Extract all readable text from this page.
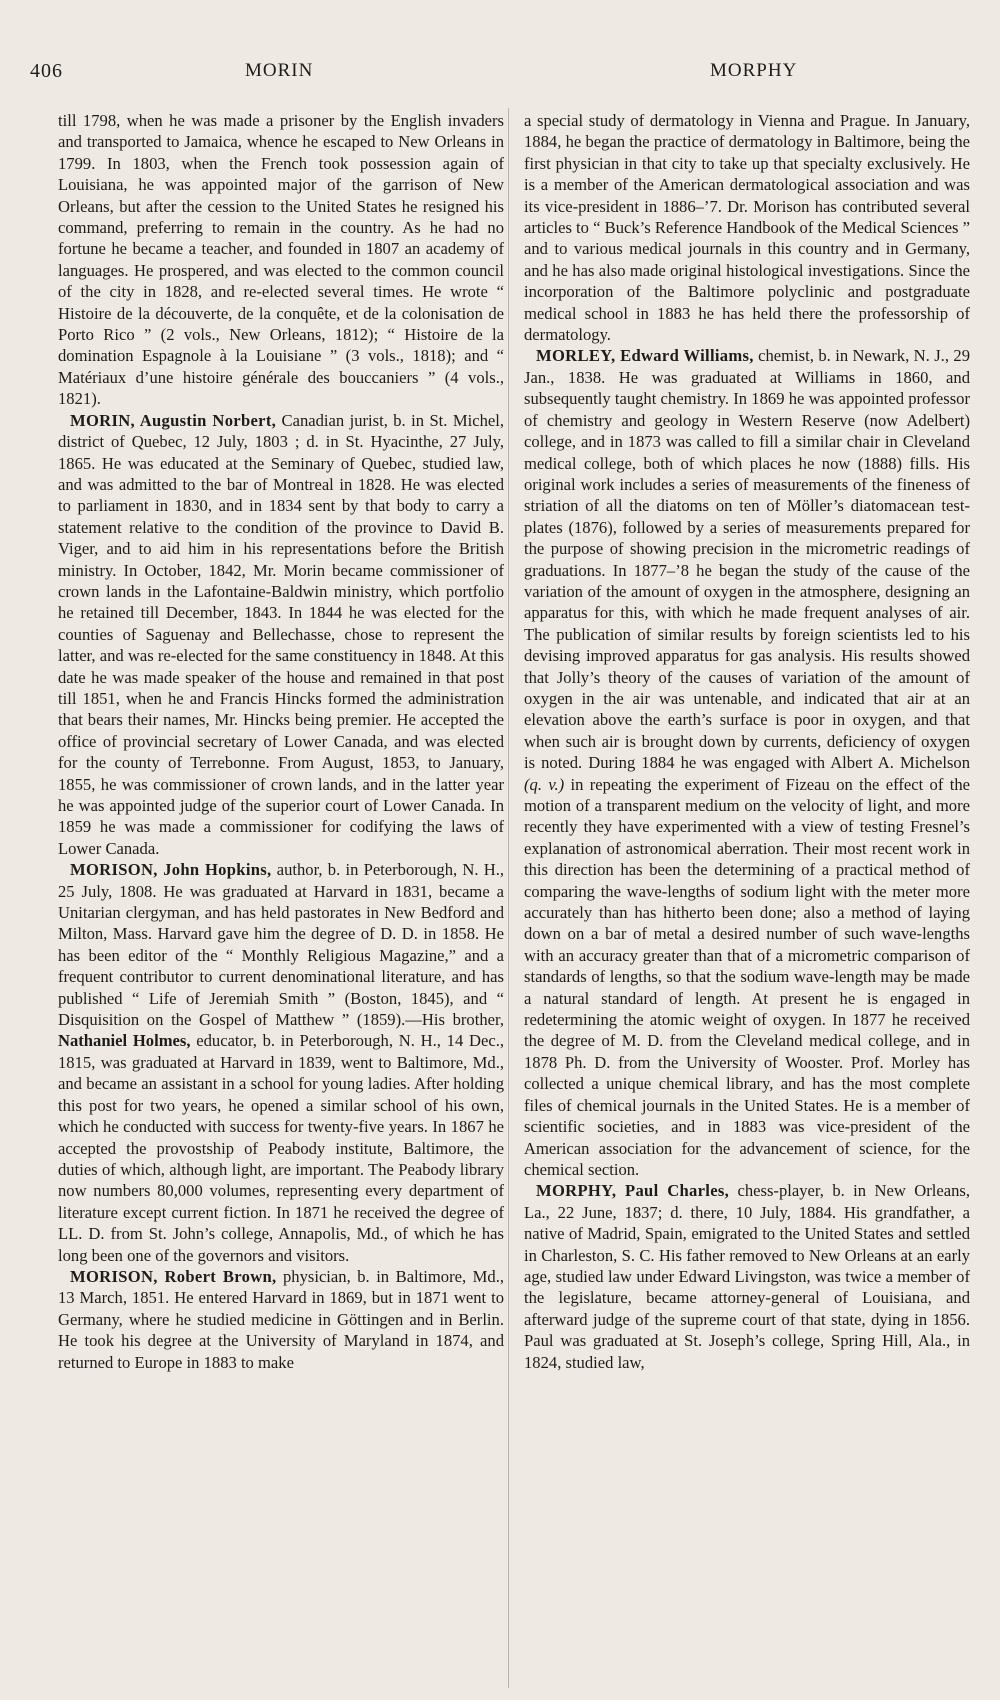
406	MORIN	MORPHY

till 1798, when he was made a prisoner by the English invaders and transported to Jamaica, whence he escaped to New Orleans in 1799. In 1803, when the French took possession again of Louisiana, he was appointed major of the garrison of New Orleans, but after the cession to the United States he resigned his command, preferring to remain in the country. As he had no fortune he became a teacher, and founded in 1807 an academy of languages. He prospered, and was elected to the common council of the city in 1828, and re-elected several times. He wrote “ Histoire de la découverte, de la conquête, et de la colonisation de Porto Rico ” (2 vols., New Orleans, 1812); “ Histoire de la domination Espagnole à la Louisiane ” (3 vols., 1818); and “ Matériaux d’une histoire générale des bouccaniers ” (4 vols., 1821).

MORIN, Augustin Norbert, Canadian jurist, b. in St. Michel, district of Quebec, 12 July, 1803 ; d. in St. Hyacinthe, 27 July, 1865. He was educated at the Seminary of Quebec, studied law, and was admitted to the bar of Montreal in 1828. He was elected to parliament in 1830, and in 1834 sent by that body to carry a statement relative to the condition of the province to David B. Viger, and to aid him in his representations before the British ministry. In October, 1842, Mr. Morin became commissioner of crown lands in the Lafontaine-Baldwin ministry, which portfolio he retained till December, 1843. In 1844 he was elected for the counties of Saguenay and Bellechasse, chose to represent the latter, and was re-elected for the same constituency in 1848. At this date he was made speaker of the house and remained in that post till 1851, when he and Francis Hincks formed the administration that bears their names, Mr. Hincks being premier. He accepted the office of provincial secretary of Lower Canada, and was elected for the county of Terrebonne. From August, 1853, to January, 1855, he was commissioner of crown lands, and in the latter year he was appointed judge of the superior court of Lower Canada. In 1859 he was made a commissioner for codifying the laws of Lower Canada.

MORISON, John Hopkins, author, b. in Peterborough, N. H., 25 July, 1808. He was graduated at Harvard in 1831, became a Unitarian clergyman, and has held pastorates in New Bedford and Milton, Mass. Harvard gave him the degree of D. D. in 1858. He has been editor of the “ Monthly Religious Magazine,” and a frequent contributor to current denominational literature, and has published “ Life of Jeremiah Smith ” (Boston, 1845), and “ Disquisition on the Gospel of Matthew ” (1859).—His brother, Nathaniel Holmes, educator, b. in Peterborough, N. H., 14 Dec., 1815, was graduated at Harvard in 1839, went to Baltimore, Md., and became an assistant in a school for young ladies. After holding this post for two years, he opened a similar school of his own, which he conducted with success for twenty-five years. In 1867 he accepted the provostship of Peabody institute, Baltimore, the duties of which, although light, are important. The Peabody library now numbers 80,000 volumes, representing every department of literature except current fiction. In 1871 he received the degree of LL. D. from St. John’s college, Annapolis, Md., of which he has long been one of the governors and visitors.

MORISON, Robert Brown, physician, b. in Baltimore, Md., 13 March, 1851. He entered Harvard in 1869, but in 1871 went to Germany, where he studied medicine in Göttingen and in Berlin. He took his degree at the University of Maryland in 1874, and returned to Europe in 1883 to make

a special study of dermatology in Vienna and Prague. In January, 1884, he began the practice of dermatology in Baltimore, being the first physician in that city to take up that specialty exclusively. He is a member of the American dermatological association and was its vice-president in 1886–’7. Dr. Morison has contributed several articles to “ Buck’s Reference Handbook of the Medical Sciences ” and to various medical journals in this country and in Germany, and he has also made original histological investigations. Since the incorporation of the Baltimore polyclinic and postgraduate medical school in 1883 he has held there the professorship of dermatology.

MORLEY, Edward Williams, chemist, b. in Newark, N. J., 29 Jan., 1838. He was graduated at Williams in 1860, and subsequently taught chemistry. In 1869 he was appointed professor of chemistry and geology in Western Reserve (now Adelbert) college, and in 1873 was called to fill a similar chair in Cleveland medical college, both of which places he now (1888) fills. His original work includes a series of measurements of the fineness of striation of all the diatoms on ten of Möller’s diatomacean test-plates (1876), followed by a series of measurements prepared for the purpose of showing precision in the micrometric readings of graduations. In 1877–’8 he began the study of the cause of the variation of the amount of oxygen in the atmosphere, designing an apparatus for this, with which he made frequent analyses of air. The publication of similar results by foreign scientists led to his devising improved apparatus for gas analysis. His results showed that Jolly’s theory of the causes of variation of the amount of oxygen in the air was untenable, and indicated that air at an elevation above the earth’s surface is poor in oxygen, and that when such air is brought down by currents, deficiency of oxygen is noted. During 1884 he was engaged with Albert A. Michelson (q. v.) in repeating the experiment of Fizeau on the effect of the motion of a transparent medium on the velocity of light, and more recently they have experimented with a view of testing Fresnel’s explanation of astronomical aberration. Their most recent work in this direction has been the determining of a practical method of comparing the wave-lengths of sodium light with the meter more accurately than has hitherto been done; also a method of laying down on a bar of metal a desired number of such wave-lengths with an accuracy greater than that of a micrometric comparison of standards of lengths, so that the sodium wave-length may be made a natural standard of length. At present he is engaged in redetermining the atomic weight of oxygen. In 1877 he received the degree of M. D. from the Cleveland medical college, and in 1878 Ph. D. from the University of Wooster. Prof. Morley has collected a unique chemical library, and has the most complete files of chemical journals in the United States. He is a member of scientific societies, and in 1883 was vice-president of the American association for the advancement of science, for the chemical section.

MORPHY, Paul Charles, chess-player, b. in New Orleans, La., 22 June, 1837; d. there, 10 July, 1884. His grandfather, a native of Madrid, Spain, emigrated to the United States and settled in Charleston, S. C. His father removed to New Orleans at an early age, studied law under Edward Livingston, was twice a member of the legislature, became attorney-general of Louisiana, and afterward judge of the supreme court of that state, dying in 1856. Paul was graduated at St. Joseph’s college, Spring Hill, Ala., in 1824, studied law,
